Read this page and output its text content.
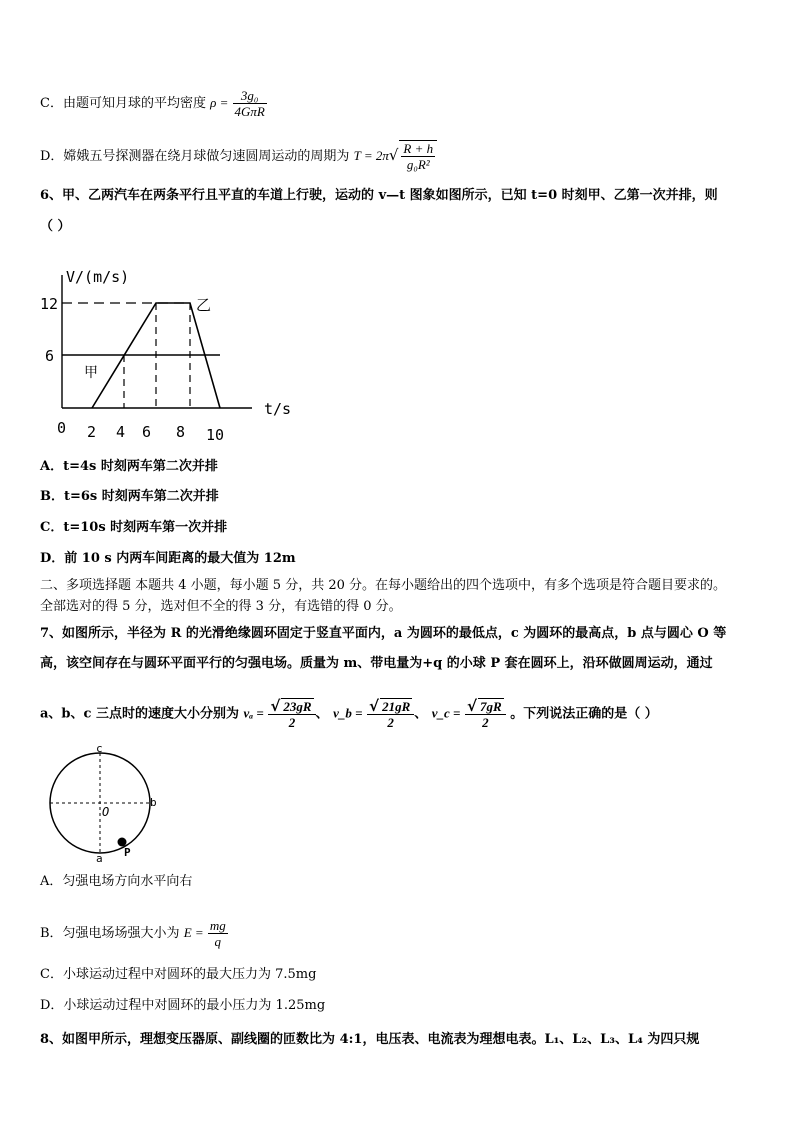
C．由题可知月球的平均密度 $\rho = \frac{\text{3g₀}}{\text{4GπR}}$
D．嫦娥五号探测器在绕月球做匀速圆周运动的周期为 $T = 2\pi√ \frac{R + h}{\text{g₀R²}}$
6、甲、乙两汽车在两条平行且平直的车道上行驶，运动的 v—t 图象如图所示，已知 t=0 时刻甲、乙第一次并排，则
（ ）
V/(m/s)
t/s
12
6
0 2 4 6 8 10
甲
乙
A．t=4s 时刻两车第二次并排
B．t=6s 时刻两车第二次并排
C．t=10s 时刻两车第一次并排
D．前 10 s 内两车间距离的最大值为 12m
二、多项选择题 本题共 4 小题，每小题 5 分，共 20 分。在每小题给出的四个选项中，有多个选项是符合题目要求的。
全部选对的得 5 分，选对但不全的得 3 分，有选错的得 0 分。
7、如图所示，半径为 R 的光滑绝缘圆环固定于竖直平面内，a 为圆环的最低点，c 为圆环的最高点，b 点与圆心 O 等
高，该空间存在与圆环平面平行的匀强电场。质量为 m、带电量为+q 的小球 P 套在圆环上，沿环做圆周运动，通过
a、b、c 三点时的速度大小分别为 $v_a = \frac{√ 23gR}{2}$ 、 v_b = $\frac{√ 21gR}{2}$ 、 v_c = $\frac{√ 7gR}{2}$ 。下列说法正确的是（ ）
c
b
a
O
P
A．匀强电场方向水平向右
B．匀强电场场强大小为 $E = \frac{mg}{q}$
C．小球运动过程中对圆环的最大压力为 7.5mg
D．小球运动过程中对圆环的最小压力为 1.25mg
8、如图甲所示，理想变压器原、副线圈的匝数比为 4:1，电压表、电流表为理想电表。L₁、L₂、L₃、L₄ 为四只规
